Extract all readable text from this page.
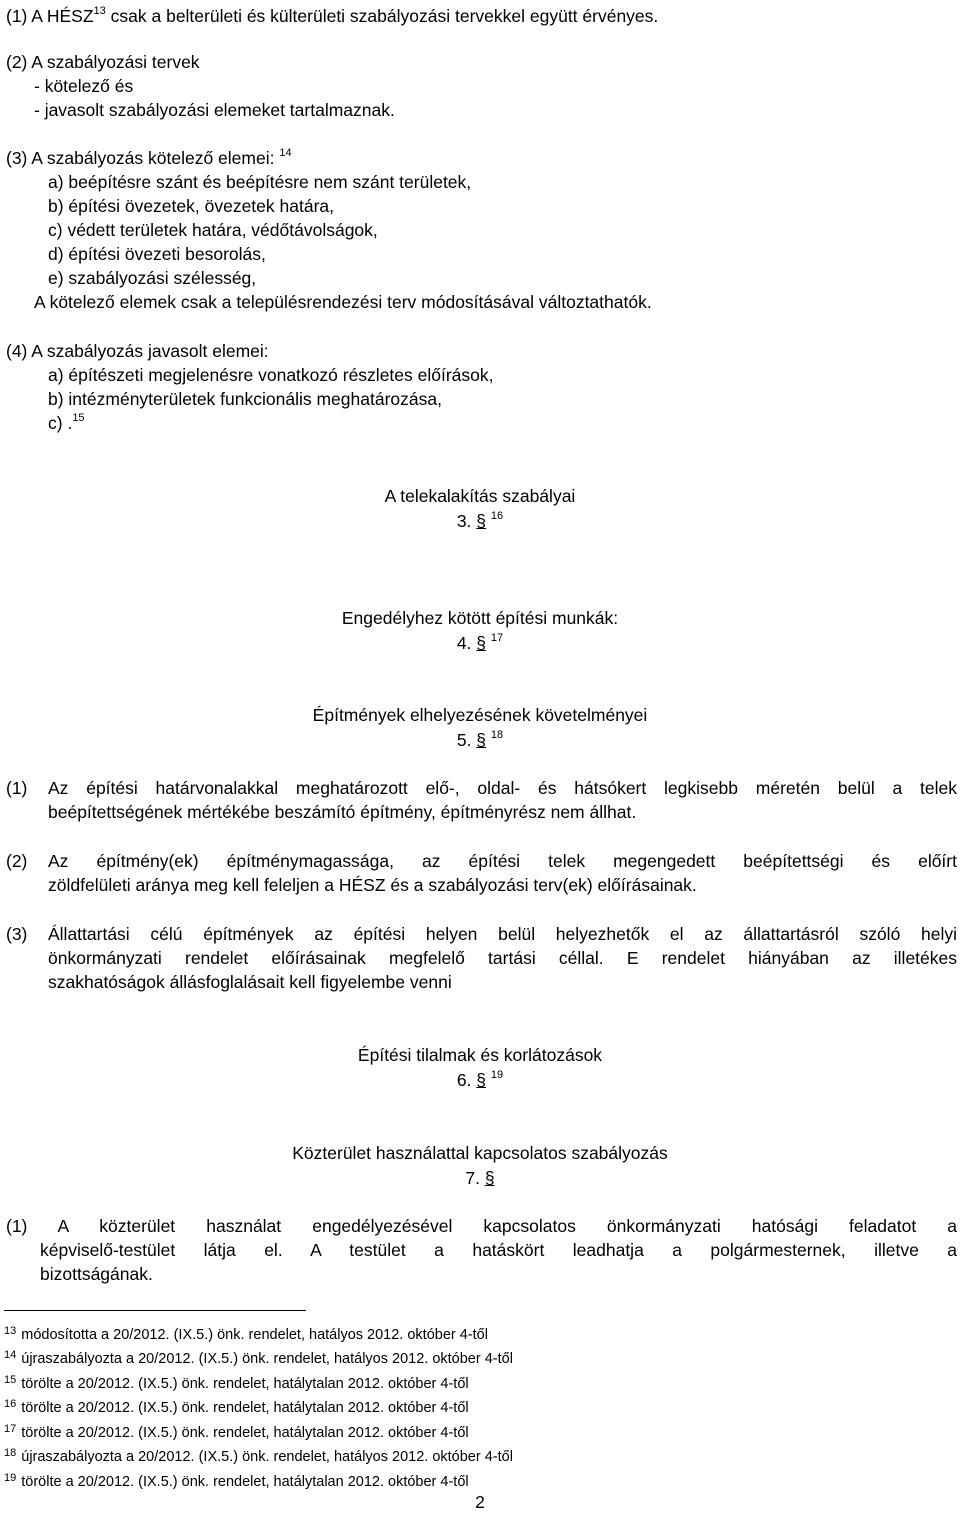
(1) A HÉSZ$^{13}$ csak a belterületi és külterületi szabályozási tervekkel együtt érvényes.
(2) A szabályozási tervek
- kötelező és
- javasolt szabályozási elemeket tartalmaznak.
(3) A szabályozás kötelező elemei: $^{14}$
a) beépítésre szánt és beépítésre nem szánt területek,
b) építési övezetek, övezetek határa,
c) védett területek határa, védőtávolságok,
d) építési övezeti besorolás,
e) szabályozási szélesség,
A kötelező elemek csak a településrendezési terv módosításával változtathatók.
(4) A szabályozás javasolt elemei:
a) építészeti megjelenésre vonatkozó részletes előírások,
b) intézményterületek funkcionális meghatározása,
c) .$^{15}$
A telekalakítás szabályai
3. § $^{16}$
Engedélyhez kötött építési munkák:
4. § $^{17}$
Építmények elhelyezésének követelményei
5. § $^{18}$
(1) Az építési határvonalakkal meghatározott elő-, oldal- és hátsókert legkisebb méretén belül a telek
beépítettségének mértékébe beszámító építmény, építményrész nem állhat.
(2) Az építmény(ek) építménymagassága, az építési telek megengedett beépítettségi és előírt
zöldfelületi aránya meg kell feleljen a HÉSZ és a szabályozási terv(ek) előírásainak.
(3) Állattartási célú építmények az építési helyen belül helyezhetők el az állattartásról szóló helyi
önkormányzati rendelet előírásainak megfelelő tartási céllal. E rendelet hiányában az illetékes
szakhatóságok állásfoglalásait kell figyelembe venni
Építési tilalmak és korlátozások
6. § $^{19}$
Közterület használattal kapcsolatos szabályozás
7. §
(1) A közterület használat engedélyezésével kapcsolatos önkormányzati hatósági feladatot a
képviselő-testület látja el. A testület a hatáskört leadhatja a polgármesternek, illetve a
bizottságának.
$^{13}$ módosította a 20/2012. (IX.5.) önk. rendelet, hatályos 2012. október 4-től
$^{14}$ újraszabályozta a 20/2012. (IX.5.) önk. rendelet, hatályos 2012. október 4-től
$^{15}$ törölte a 20/2012. (IX.5.) önk. rendelet, hatálytalan 2012. október 4-től
$^{16}$ törölte a 20/2012. (IX.5.) önk. rendelet, hatálytalan 2012. október 4-től
$^{17}$ törölte a 20/2012. (IX.5.) önk. rendelet, hatálytalan 2012. október 4-től
$^{18}$ újraszabályozta a 20/2012. (IX.5.) önk. rendelet, hatályos 2012. október 4-től
$^{19}$ törölte a 20/2012. (IX.5.) önk. rendelet, hatálytalan 2012. október 4-től
2
